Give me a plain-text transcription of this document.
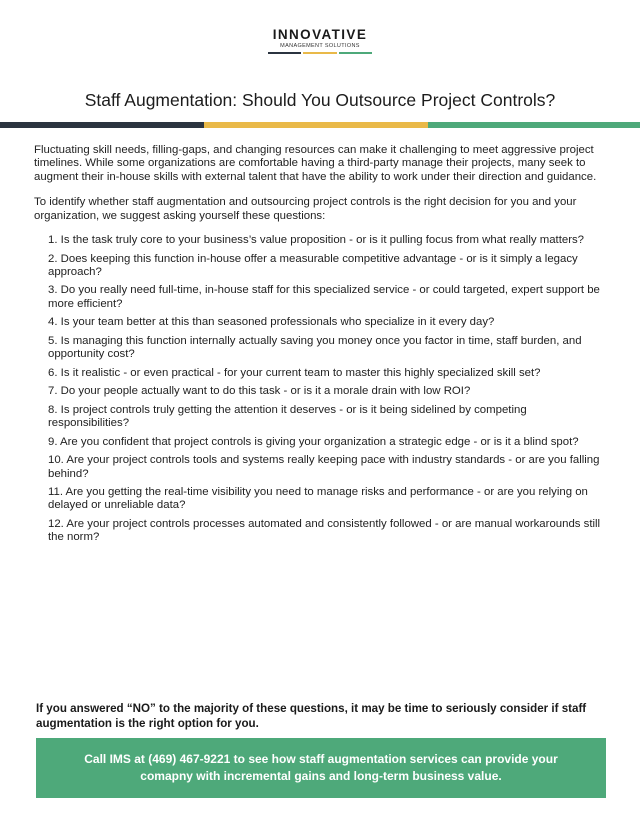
INNOVATIVE
MANAGEMENT SOLUTIONS
Staff Augmentation: Should You Outsource Project Controls?

Fluctuating skill needs, filling-gaps, and changing resources can make it challenging to meet aggressive project timelines. While some organizations are comfortable having a third-party manage their projects, many seek to augment their in-house skills with external talent that have the ability to work under their direction and guidance.

To identify whether staff augmentation and outsourcing project controls is the right decision for you and your organization, we suggest asking yourself these questions:

1. Is the task truly core to your business’s value proposition - or is it pulling focus from what really matters?
2. Does keeping this function in-house offer a measurable competitive advantage - or is it simply a legacy approach?
3. Do you really need full-time, in-house staff for this specialized service - or could targeted, expert support be more efficient?
4. Is your team better at this than seasoned professionals who specialize in it every day?
5. Is managing this function internally actually saving you money once you factor in time, staff burden, and opportunity cost?
6. Is it realistic - or even practical - for your current team to master this highly specialized skill set?
7. Do your people actually want to do this task - or is it a morale drain with low ROI?
8. Is project controls truly getting the attention it deserves - or is it being sidelined by competing responsibilities?
9. Are you confident that project controls is giving your organization a strategic edge - or is it a blind spot?
10. Are your project controls tools and systems really keeping pace with industry standards - or are you falling behind?
11. Are you getting the real-time visibility you need to manage risks and performance - or are you relying on delayed or unreliable data?
12. Are your project controls processes automated and consistently followed - or are manual workarounds still the norm?

If you answered “NO” to the majority of these questions, it may be time to seriously consider if staff augmentation is the right option for you.

Call IMS at (469) 467-9221 to see how staff augmentation services can provide your comapny with incremental gains and long-term business value.
